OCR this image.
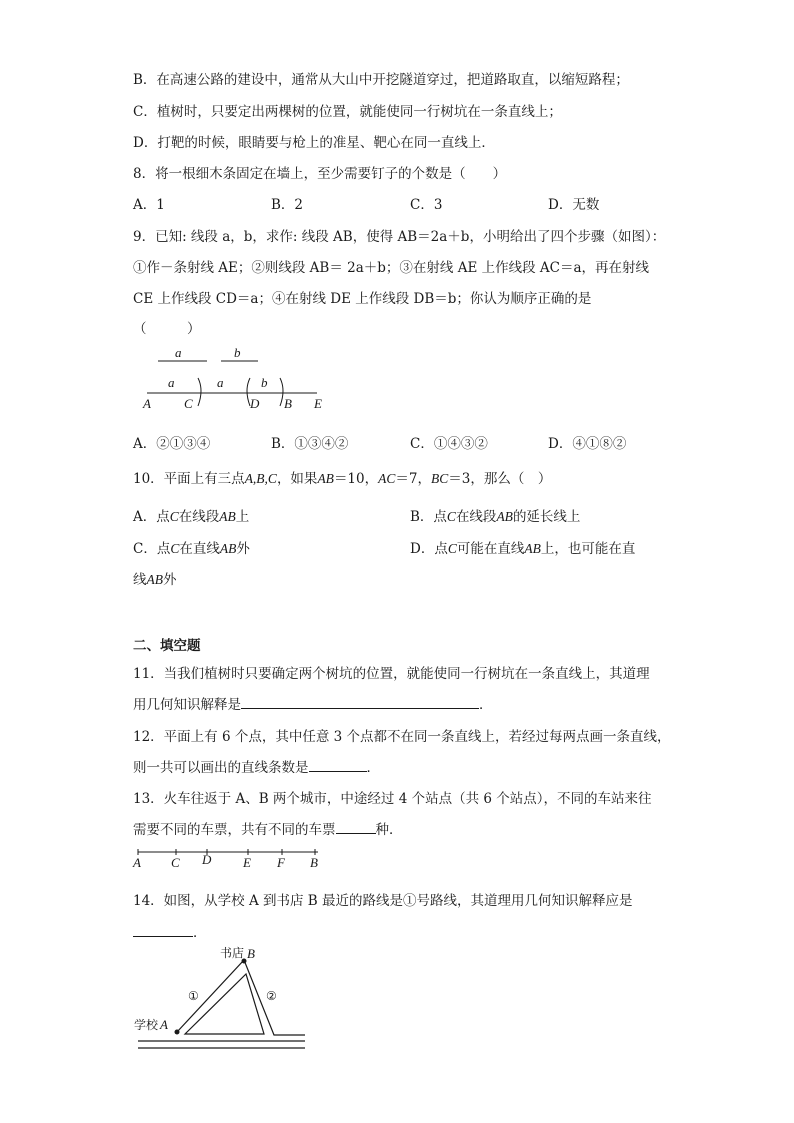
B．在高速公路的建设中，通常从大山中开挖隧道穿过，把道路取直，以缩短路程；
C．植树时，只要定出两棵树的位置，就能使同一行树坑在一条直线上；
D．打靶的时候，眼睛要与枪上的准星、靶心在同一直线上．
8．将一根细木条固定在墙上，至少需要钉子的个数是（　　）
A．1	B．2	C．3	D．无数
9．已知: 线段 a，b，求作: 线段 AB，使得 AB＝2a＋b，小明给出了四个步骤（如图）：
①作－条射线 AE；②则线段 AB＝ 2a＋b；③在射线 AE 上作线段 AC＝a，再在射线
CE 上作线段 CD＝a；④在射线 DE 上作线段 DB＝b；你认为顺序正确的是
（　　　）
a	b
a	a	b
A	C	D B E
A．②①③④	B．①③④②	C．①④③②	D．④①⑧②
10．平面上有三点A,B,C，如果AB＝10，AC＝7，BC＝3，那么（　）
A．点C在线段AB上	B．点C在线段AB的延长线上
C．点C在直线AB外	D．点C可能在直线AB上，也可能在直
线AB外
二、填空题
11．当我们植树时只要确定两个树坑的位置，就能使同一行树坑在一条直线上，其道理
用几何知识解释是	．
12．平面上有 6 个点，其中任意 3 个点都不在同一条直线上，若经过每两点画一条直线，
则一共可以画出的直线条数是	．
13．火车往返于 A、B 两个城市，中途经过 4 个站点（共 6 个站点），不同的车站来往
需要不同的车票，共有不同的车票	种．
A C D E F B
14．如图，从学校 A 到书店 B 最近的路线是①号路线，其道理用几何知识解释应是
．
书店 B
学校 A
①	②
